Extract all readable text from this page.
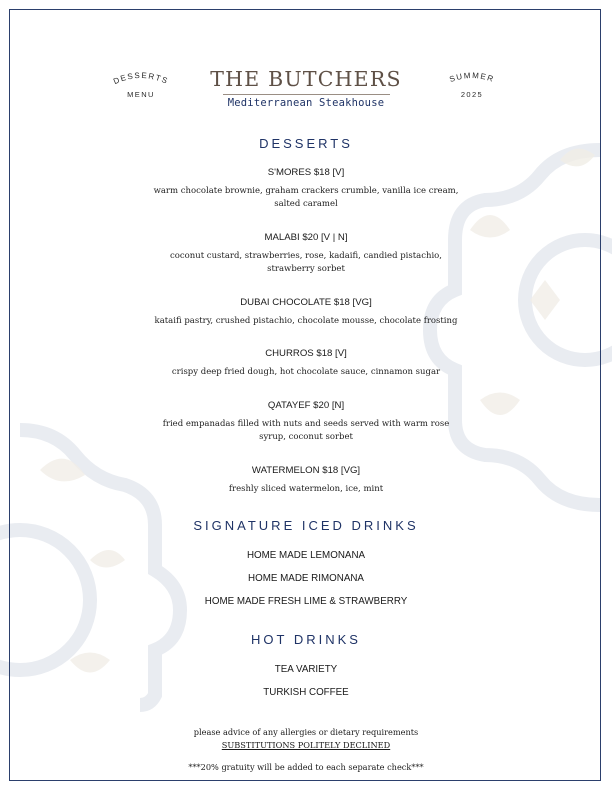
DESSERTS
MENU
THE BUTCHERS
Mediterranean Steakhouse
SUMMER
2025
DESSERTS
S'MORES $18 [V]
warm chocolate brownie, graham crackers crumble, vanilla ice cream, salted caramel
MALABI $20 [V | N]
coconut custard, strawberries, rose, kadaifi, candied pistachio, strawberry sorbet
DUBAI CHOCOLATE $18 [VG]
kataifi pastry, crushed pistachio, chocolate mousse, chocolate frosting
CHURROS $18 [V]
crispy deep fried dough, hot chocolate sauce, cinnamon sugar
QATAYEF $20 [N]
fried empanadas filled with nuts and seeds served with warm rose syrup, coconut sorbet
WATERMELON $18 [VG]
freshly sliced watermelon, ice, mint
SIGNATURE ICED DRINKS
HOME MADE LEMONANA
HOME MADE RIMONANA
HOME MADE FRESH LIME & STRAWBERRY
HOT DRINKS
TEA VARIETY
TURKISH COFFEE
please advice of any allergies or dietary requirements
SUBSTITUTIONS POLITELY DECLINED
***20% gratuity will be added to each separate check***
